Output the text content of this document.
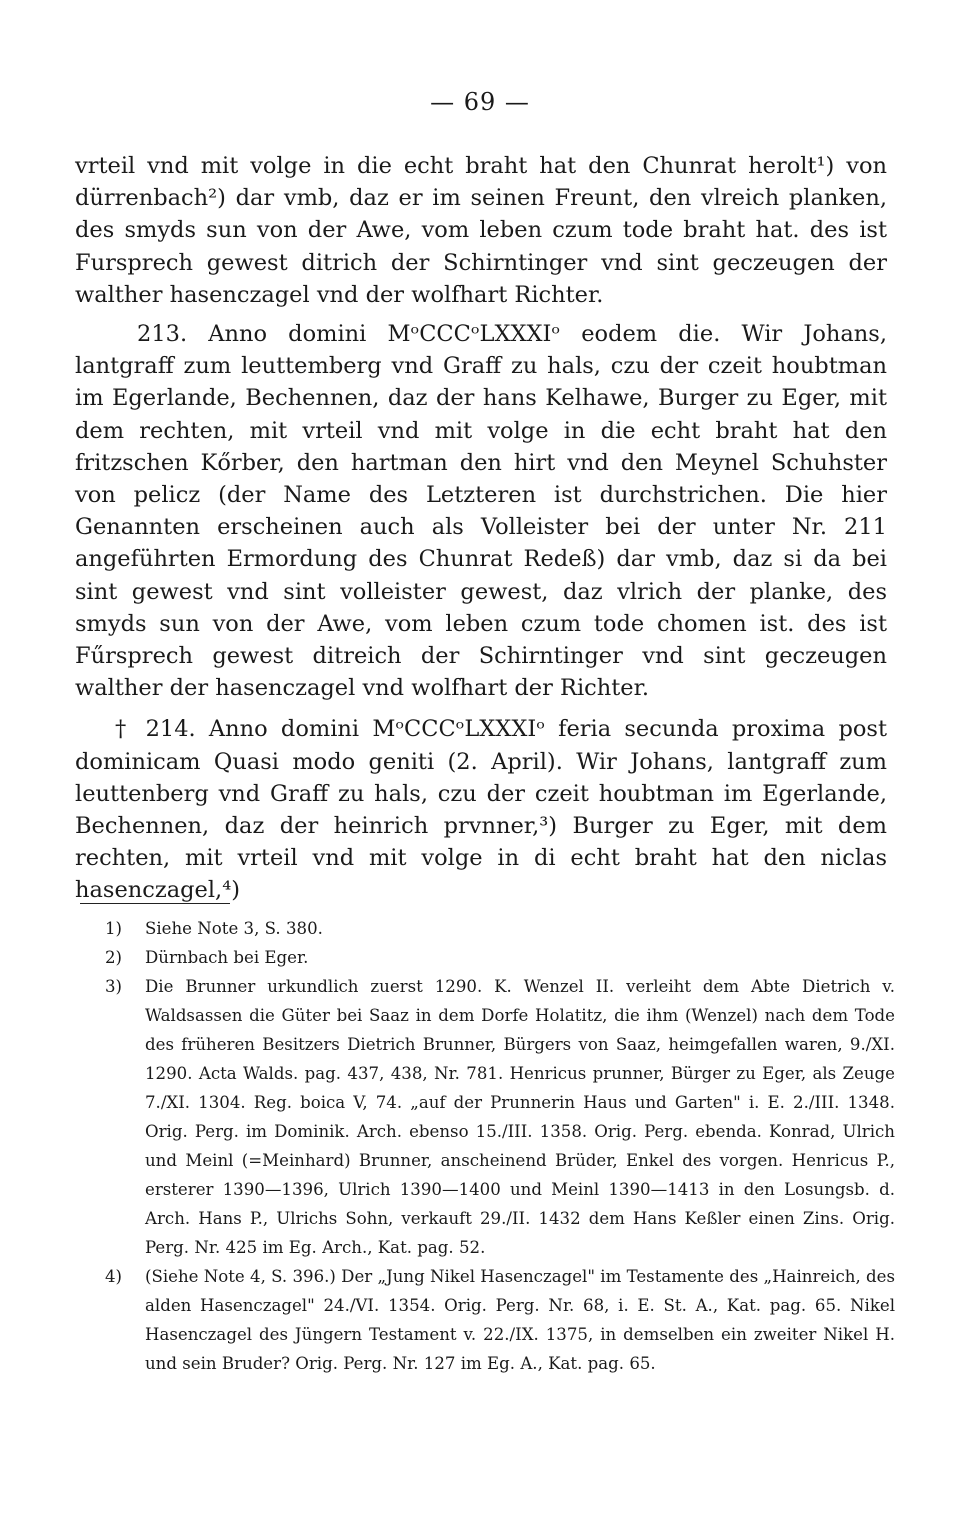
— 69 —

vrteil vnd mit volge in die echt braht hat den Chunrat herolt¹) von dürrenbach²) dar vmb, daz er im seinen Freunt, den vlreich planken, des smyds sun von der Awe, vom leben czum tode braht hat. des ist Fursprech gewest ditrich der Schirntinger vnd sint geczeugen der walther hasenczagel vnd der wolfhart Richter.

213. Anno domini MᵒCCCᵒLXXXIᵒ eodem die. Wir Johans, lantgraff zum leuttemberg vnd Graff zu hals, czu der czeit houbtman im Egerlande, Bechennen, daz der hans Kelhawe, Burger zu Eger, mit dem rechten, mit vrteil vnd mit volge in die echt braht hat den fritzschen Kőrber, den hartman den hirt vnd den Meynel Schuhster von pelicz (der Name des Letzteren ist durchstrichen. Die hier Genannten erscheinen auch als Volleister bei der unter Nr. 211 angeführten Ermordung des Chunrat Redeß) dar vmb, daz si da bei sint gewest vnd sint volleister gewest, daz vlrich der planke, des smyds sun von der Awe, vom leben czum tode chomen ist. des ist Fűrsprech gewest ditreich der Schirntinger vnd sint geczeugen walther der hasenczagel vnd wolfhart der Richter.

† 214. Anno domini MᵒCCCᵒLXXXIᵒ feria secunda proxima post dominicam Quasi modo geniti (2. April). Wir Johans, lantgraff zum leuttenberg vnd Graff zu hals, czu der czeit houbtman im Egerlande, Bechennen, daz der heinrich prvnner,³) Burger zu Eger, mit dem rechten, mit vrteil vnd mit volge in di echt braht hat den niclas hasenczagel,⁴)

1) Siehe Note 3, S. 380.
2) Dürnbach bei Eger.
3) Die Brunner urkundlich zuerst 1290. K. Wenzel II. verleiht dem Abte Dietrich v. Waldsassen die Güter bei Saaz in dem Dorfe Holatitz, die ihm (Wenzel) nach dem Tode des früheren Besitzers Dietrich Brunner, Bürgers von Saaz, heimgefallen waren, 9./XI. 1290. Acta Walds. pag. 437, 438, Nr. 781. Henricus prunner, Bürger zu Eger, als Zeuge 7./XI. 1304. Reg. boica V, 74. „auf der Prunnerin Haus und Garten" i. E. 2./III. 1348. Orig. Perg. im Dominik. Arch. ebenso 15./III. 1358. Orig. Perg. ebenda. Konrad, Ulrich und Meinl (=Meinhard) Brunner, anscheinend Brüder, Enkel des vorgen. Henricus P., ersterer 1390—1396, Ulrich 1390—1400 und Meinl 1390—1413 in den Losungsb. d. Arch. Hans P., Ulrichs Sohn, verkauft 29./II. 1432 dem Hans Keßler einen Zins. Orig. Perg. Nr. 425 im Eg. Arch., Kat. pag. 52.
4) (Siehe Note 4, S. 396.) Der „Jung Nikel Hasenczagel" im Testamente des „Hainreich, des alden Hasenczagel" 24./VI. 1354. Orig. Perg. Nr. 68, i. E. St. A., Kat. pag. 65. Nikel Hasenczagel des Jüngern Testament v. 22./IX. 1375, in demselben ein zweiter Nikel H. und sein Bruder? Orig. Perg. Nr. 127 im Eg. A., Kat. pag. 65.
